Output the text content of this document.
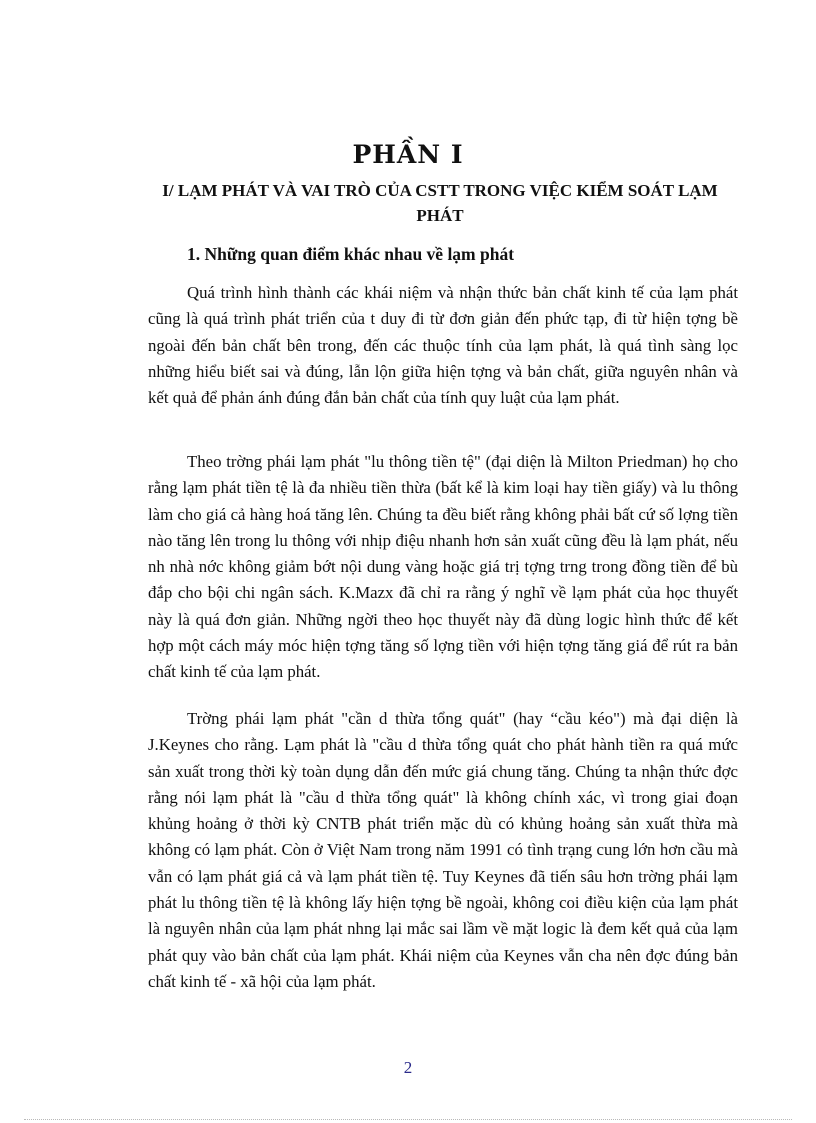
PHẦN I
I/ LẠM PHÁT VÀ VAI TRÒ CỦA CSTT TRONG VIỆC KIỂM SOÁT LẠM PHÁT
1. Những quan điểm khác nhau về lạm phát

Quá trình hình thành các khái niệm và nhận thức bản chất kinh tế của lạm phát cũng là quá trình phát triển của t duy đi từ đơn giản đến phức tạp, đi từ hiện tợng bề ngoài đến bản chất bên trong, đến các thuộc tính của lạm phát, là quá tình sàng lọc những hiểu biết sai và đúng, lẫn lộn giữa hiện tợng và bản chất, giữa nguyên nhân và kết quả để phản ánh đúng đắn bản chất của tính quy luật của lạm phát.

Theo trờng phái lạm phát "lu thông tiền tệ" (đại diện là Milton Priedman) họ cho rằng lạm phát tiền tệ là đa nhiều tiền thừa (bất kể là kim loại hay tiền giấy) và lu thông làm cho giá cả hàng hoá tăng lên. Chúng ta đều biết rằng không phải bất cứ số lợng tiền nào tăng lên trong lu thông với nhịp điệu nhanh hơn sản xuất cũng đều là lạm phát, nếu nh nhà nớc không giảm bớt nội dung vàng hoặc giá trị tợng trng trong đồng tiền để bù đắp cho bội chi ngân sách. K.Mazx đã chỉ ra rằng ý nghĩ về lạm phát của học thuyết này là quá đơn giản. Những ngời theo học thuyết này đã dùng logic hình thức để kết hợp một cách máy móc hiện tợng tăng số lợng tiền với hiện tợng tăng giá để rút ra bản chất kinh tế của lạm phát.

Trờng phái lạm phát "cần d thừa tổng quát" (hay “cầu kéo") mà đại diện là J.Keynes cho rằng. Lạm phát là "cầu d thừa tổng quát cho phát hành tiền ra quá mức sản xuất trong thời kỳ toàn dụng dẫn đến mức giá chung tăng. Chúng ta nhận thức đợc rằng nói lạm phát là "cầu d thừa tổng quát" là không chính xác, vì trong giai đoạn khủng hoảng ở thời kỳ CNTB phát triển mặc dù có khủng hoảng sản xuất thừa mà không có lạm phát. Còn ở Việt Nam trong năm 1991 có tình trạng cung lớn hơn cầu mà vẫn có lạm phát giá cả và lạm phát tiền tệ. Tuy Keynes đã tiến sâu hơn trờng phái lạm phát lu thông tiền tệ là không lấy hiện tợng bề ngoài, không coi điều kiện của lạm phát là nguyên nhân của lạm phát nhng lại mắc sai lầm về mặt logic là đem kết quả của lạm phát quy vào bản chất của lạm phát. Khái niệm của Keynes vẫn cha nên đợc đúng bản chất kinh tế - xã hội của lạm phát.

2
